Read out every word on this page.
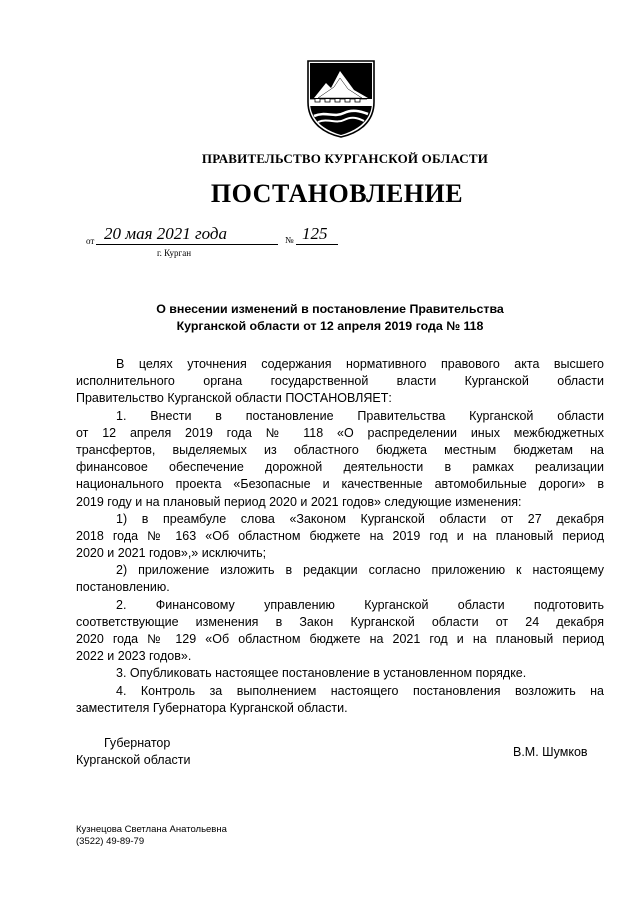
ПРАВИТЕЛЬСТВО КУРГАНСКОЙ ОБЛАСТИ
ПОСТАНОВЛЕНИЕ
от 20 мая 2021 года	№ 125
г. Курган
О внесении изменений в постановление Правительства
Курганской области от 12 апреля 2019 года № 118
В целях уточнения содержания нормативного правового акта высшего
исполнительного органа государственной власти Курганской области
Правительство Курганской области ПОСТАНОВЛЯЕТ:
1. Внести в постановление Правительства Курганской области
от 12 апреля 2019 года № 118 «О распределении иных межбюджетных
трансфертов, выделяемых из областного бюджета местным бюджетам на
финансовое обеспечение дорожной деятельности в рамках реализации
национального проекта «Безопасные и качественные автомобильные дороги» в
2019 году и на плановый период 2020 и 2021 годов» следующие изменения:
1) в преамбуле слова «Законом Курганской области от 27 декабря
2018 года № 163 «Об областном бюджете на 2019 год и на плановый период
2020 и 2021 годов»,» исключить;
2) приложение изложить в редакции согласно приложению к настоящему
постановлению.
2. Финансовому управлению Курганской области подготовить
соответствующие изменения в Закон Курганской области от 24 декабря
2020 года № 129 «Об областном бюджете на 2021 год и на плановый период
2022 и 2023 годов».
3. Опубликовать настоящее постановление в установленном порядке.
4. Контроль за выполнением настоящего постановления возложить на
заместителя Губернатора Курганской области.
Губернатор
Курганской области
В.М. Шумков
Кузнецова Светлана Анатольевна
(3522) 49-89-79
